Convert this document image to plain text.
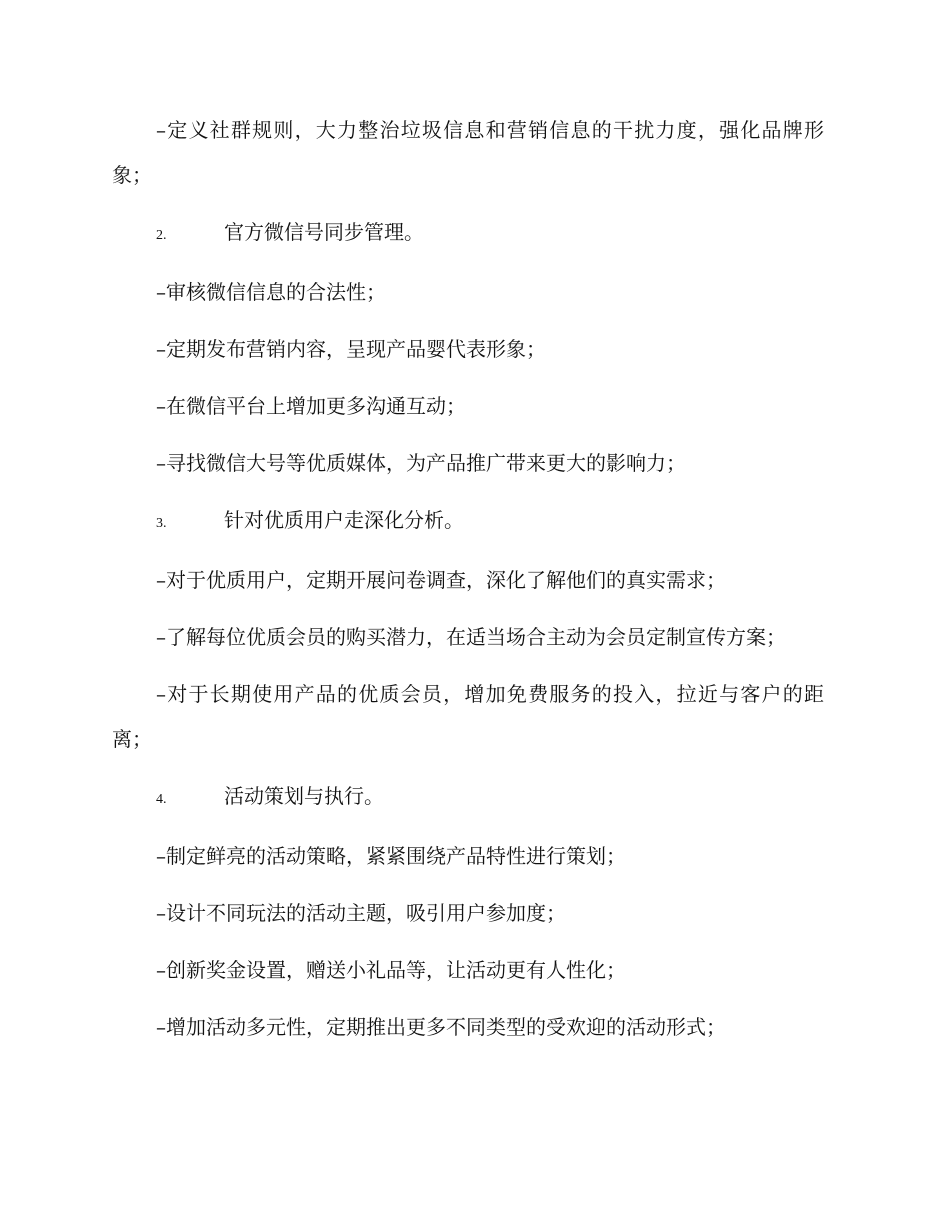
–定义社群规则，大力整治垃圾信息和营销信息的干扰力度，强化品牌形象；

2.	官方微信号同步管理。

–审核微信信息的合法性；

–定期发布营销内容，呈现产品婴代表形象；

–在微信平台上增加更多沟通互动；

–寻找微信大号等优质媒体，为产品推广带来更大的影响力；

3.	针对优质用户走深化分析。

–对于优质用户，定期开展问卷调查，深化了解他们的真实需求；

–了解每位优质会员的购买潜力，在适当场合主动为会员定制宣传方案；

–对于长期使用产品的优质会员，增加免费服务的投入，拉近与客户的距离；

4.	活动策划与执行。

–制定鲜亮的活动策略，紧紧围绕产品特性进行策划；

–设计不同玩法的活动主题，吸引用户参加度；

–创新奖金设置，赠送小礼品等，让活动更有人性化；

–增加活动多元性，定期推出更多不同类型的受欢迎的活动形式；
